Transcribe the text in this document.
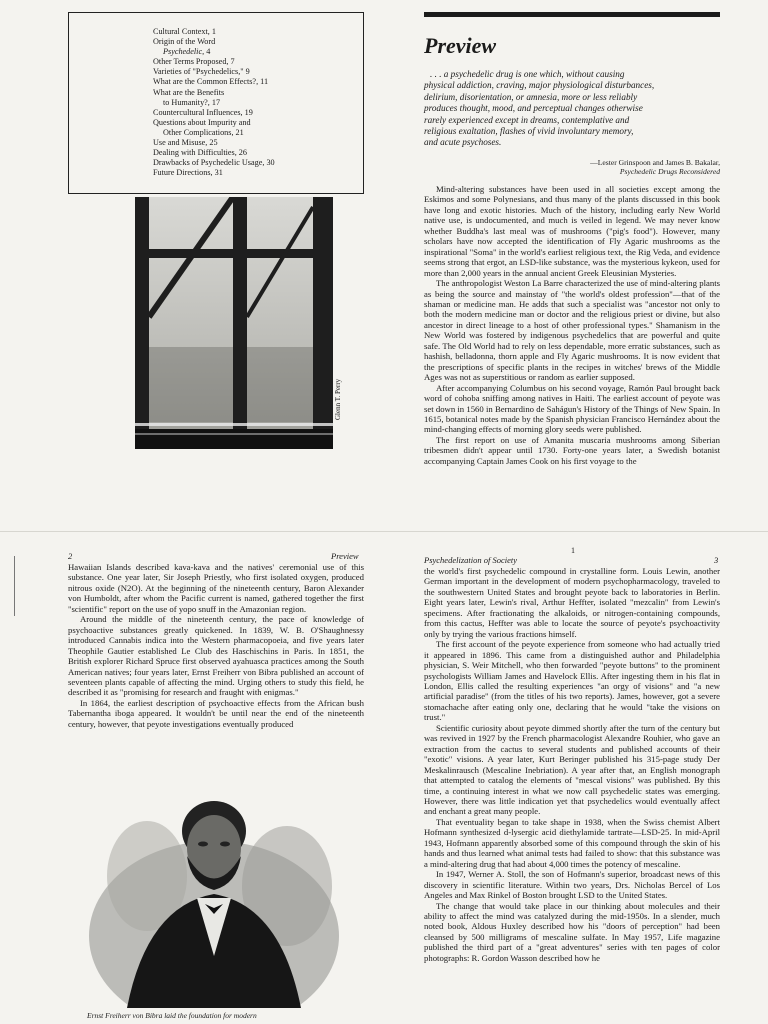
Cultural Context, 1
Origin of the Word
Psychedelic, 4
Other Terms Proposed, 7
Varieties of "Psychedelics," 9
What are the Common Effects?, 11
What are the Benefits
to Humanity?, 17
Countercultural Influences, 19
Questions about Impurity and
Other Complications, 21
Use and Misuse, 25
Dealing with Difficulties, 26
Drawbacks of Psychedelic Usage, 30
Future Directions, 31
Glenn T. Perry
Preview
. . . a psychedelic drug is one which, without causing
physical addiction, craving, major physiological disturbances,
delirium, disorientation, or amnesia, more or less reliably
produces thought, mood, and perceptual changes otherwise
rarely experienced except in dreams, contemplative and
religious exaltation, flashes of vivid involuntary memory,
and acute psychoses.
—Lester Grinspoon and James B. Bakalar,
Psychedelic Drugs Reconsidered

Mind-altering substances have been used in all societies except among the Eskimos and some Polynesians, and thus many of the plants discussed in this book have long and exotic histories. Much of the history, including early New World native use, is undocumented, and much is veiled in legend. We may never know whether Buddha's last meal was of mushrooms ("pig's food"). However, many scholars have now accepted the identification of Fly Agaric mushrooms as the inspirational "Soma" in the world's earliest religious text, the Rig Veda, and evidence seems strong that ergot, an LSD-like substance, was the mysterious kykeon, used for more than 2,000 years in the annual ancient Greek Eleusinian Mysteries.

The anthropologist Weston La Barre characterized the use of mind-altering plants as being the source and mainstay of "the world's oldest profession"—that of the shaman or medicine man. He adds that such a specialist was "ancestor not only to both the modern medicine man or doctor and the religious priest or divine, but also ancestor in direct lineage to a host of other professional types." Shamanism in the New World was fostered by indigenous psychedelics that are powerful and quite safe. The Old World had to rely on less dependable, more erratic substances, such as hashish, belladonna, thorn apple and Fly Agaric mushrooms. It is now evident that the prescriptions of specific plants in the recipes in witches' brews of the Middle Ages was not as superstitious or random as earlier supposed.

After accompanying Columbus on his second voyage, Ramón Paul brought back word of cohoba sniffing among natives in Haiti. The earliest account of peyote was set down in 1560 in Bernardino de Sahágun's History of the Things of New Spain. In 1615, botanical notes made by the Spanish physician Francisco Hernández about the mind-changing effects of morning glory seeds were published.

The first report on use of Amanita muscaria mushrooms among Siberian tribesmen didn't appear until 1730. Forty-one years later, a Swedish botanist accompanying Captain James Cook on his first voyage to the

1
2	Preview

Hawaiian Islands described kava-kava and the natives' ceremonial use of this substance. One year later, Sir Joseph Priestly, who first isolated oxygen, produced nitrous oxide (N2O). At the beginning of the nineteenth century, Baron Alexander von Humboldt, after whom the Pacific current is named, gathered together the first "scientific" report on the use of yopo snuff in the Amazonian region.

Around the middle of the nineteenth century, the pace of knowledge of psychoactive substances greatly quickened. In 1839, W. B. O'Shaughnessy introduced Cannabis indica into the Western pharmacopoeia, and five years later Theophile Gautier established Le Club des Haschischins in Paris. In 1851, the British explorer Richard Spruce first observed ayahuasca practices among the South American natives; four years later, Ernst Freiherr von Bibra published an account of seventeen plants capable of affecting the mind. Urging others to study this field, he described it as "promising for research and fraught with enigmas."

In 1864, the earliest description of psychoactive effects from the African bush Tabernantha iboga appeared. It wouldn't be until near the end of the nineteenth century, however, that peyote investigations eventually produced

Ernst Freiherr von Bibra laid the foundation for modern
Psychedelization of Society	3

the world's first psychedelic compound in crystalline form. Louis Lewin, another German important in the development of modern psychopharmacology, traveled to the southwestern United States and brought peyote back to laboratories in Berlin. Eight years later, Lewin's rival, Arthur Heffter, isolated "mezcalin" from Lewin's specimens. After fractionating the alkaloids, or nitrogen-containing compounds, from this cactus, Heffter was able to locate the source of peyote's psychoactivity only by trying the various fractions himself.

The first account of the peyote experience from someone who had actually tried it appeared in 1896. This came from a distinguished author and Philadelphia physician, S. Weir Mitchell, who then forwarded "peyote buttons" to the prominent psychologists William James and Havelock Ellis. After ingesting them in his flat in London, Ellis called the resulting experiences "an orgy of visions" and "a new artificial paradise" (from the titles of his two reports). James, however, got a severe stomachache after eating only one, declaring that he would "take the visions on trust."

Scientific curiosity about peyote dimmed shortly after the turn of the century but was revived in 1927 by the French pharmacologist Alexandre Rouhier, who gave an extraction from the cactus to several students and published accounts of their "exotic" visions. A year later, Kurt Beringer published his 315-page study Der Meskalinrausch (Mescaline Inebriation). A year after that, an English monograph that attempted to catalog the elements of "mescal visions" was published. By this time, a continuing interest in what we now call psychedelic states was emerging. However, there was little indication yet that psychedelics would eventually affect and enchant a great many people.

That eventuality began to take shape in 1938, when the Swiss chemist Albert Hofmann synthesized d-lysergic acid diethylamide tartrate—LSD-25. In mid-April 1943, Hofmann apparently absorbed some of this compound through the skin of his hands and thus learned what animal tests had failed to show: that this substance was a mind-altering drug that had about 4,000 times the potency of mescaline.

In 1947, Werner A. Stoll, the son of Hofmann's superior, broadcast news of this discovery in scientific literature. Within two years, Drs. Nicholas Bercel of Los Angeles and Max Rinkel of Boston brought LSD to the United States.

The change that would take place in our thinking about molecules and their ability to affect the mind was catalyzed during the mid-1950s. In a slender, much noted book, Aldous Huxley described how his "doors of perception" had been cleansed by 500 milligrams of mescaline sulfate. In May 1957, Life magazine published the third part of a "great adventures" series with ten pages of color photographs: R. Gordon Wasson described how he
